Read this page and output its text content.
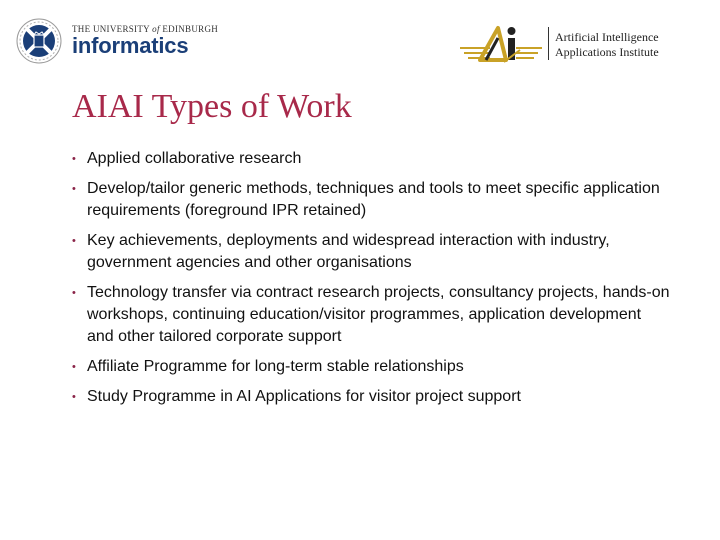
THE UNIVERSITY of EDINBURGH
informatics	Artificial Intelligence
Applications Institute
AIAI Types of Work
• Applied collaborative research
• Develop/tailor generic methods, techniques and tools to meet specific application requirements (foreground IPR retained)
• Key achievements, deployments and widespread interaction with industry, government agencies and other organisations
• Technology transfer via contract research projects, consultancy projects, hands-on workshops, continuing education/visitor programmes, application development and other tailored corporate support
• Affiliate Programme for long-term stable relationships
• Study Programme in AI Applications for visitor project support
